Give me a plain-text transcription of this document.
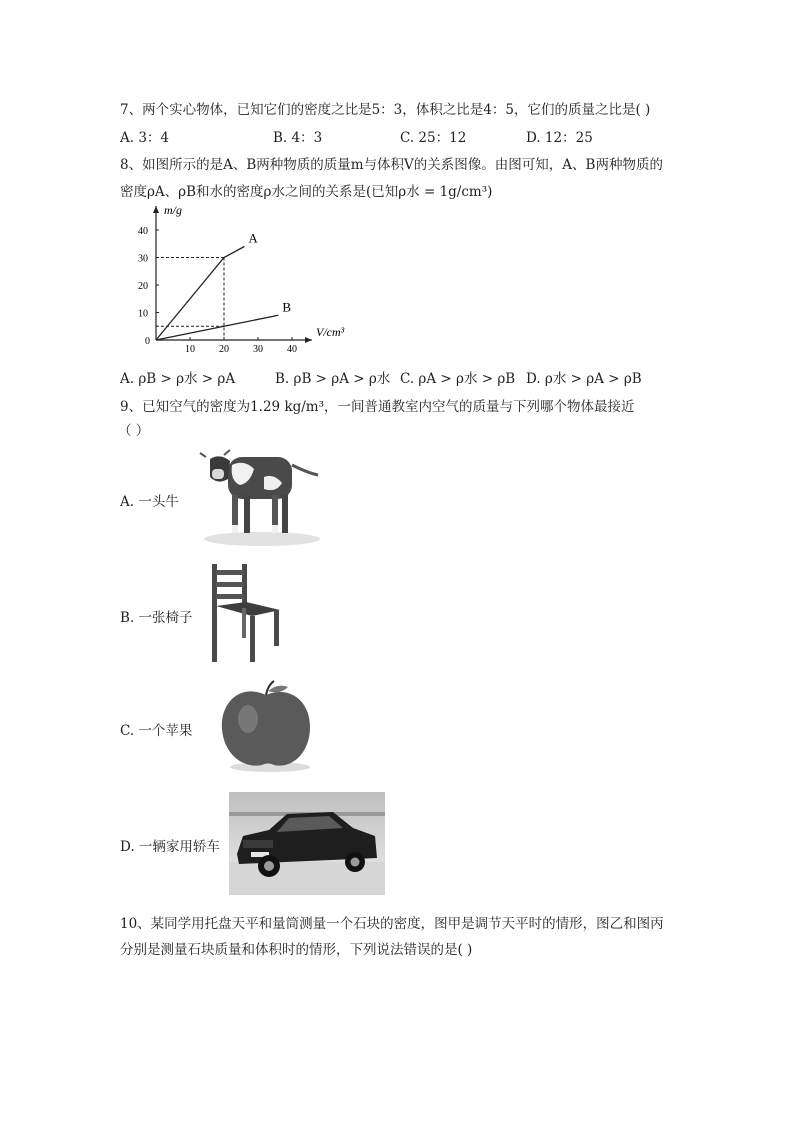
7、两个实心物体，已知它们的密度之比是5：3，体积之比是4：5，它们的质量之比是( )
A. 3：4	B. 4：3	C. 25：12	D. 12：25
8、如图所示的是A、B两种物质的质量m与体积V的关系图像。由图可知，A、B两种物质的
密度ρA、ρB和水的密度ρ水之间的关系是(已知ρ水 = 1g/cm³)
m/g
V/cm³
0
10 20 30 40
10
20
30
40	A
B
A. ρB > ρ水 > ρA	B. ρB > ρA > ρ水 C. ρA > ρ水 > ρB D. ρ水 > ρA > ρB
9、已知空气的密度为1.29 kg/m³，一间普通教室内空气的质量与下列哪个物体最接近
（ ）
A. 一头牛
B. 一张椅子
C. 一个苹果
D. 一辆家用轿车
10、某同学用托盘天平和量筒测量一个石块的密度，图甲是调节天平时的情形，图乙和图丙
分别是测量石块质量和体积时的情形，下列说法错误的是( )
